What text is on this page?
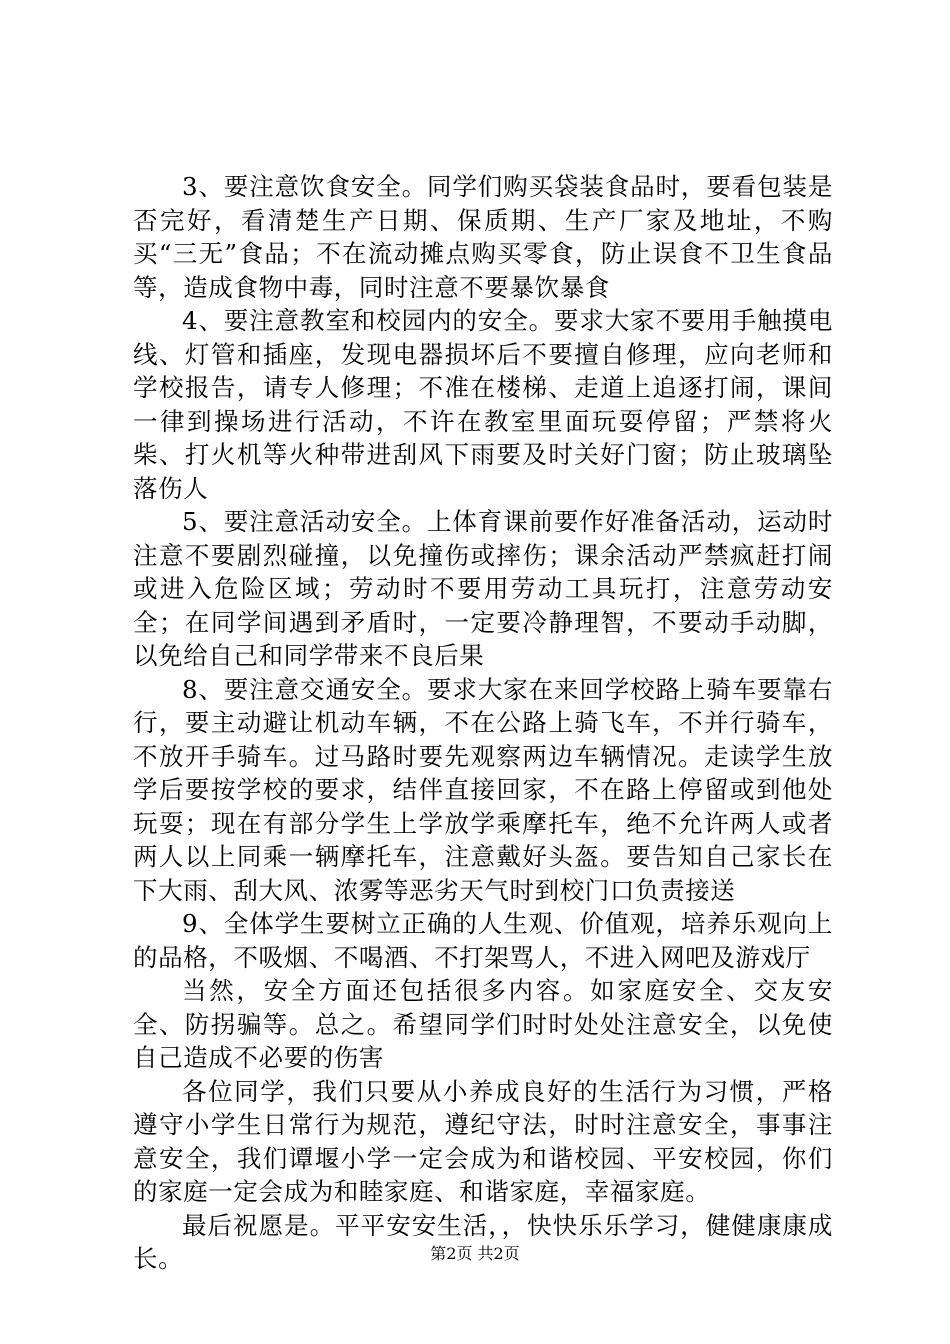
3、要注意饮食安全。同学们购买袋装食品时，要看包装是否完好，看清楚生产日期、保质期、生产厂家及地址，不购买“三无”食品；不在流动摊点购买零食，防止误食不卫生食品等，造成食物中毒，同时注意不要暴饮暴食

4、要注意教室和校园内的安全。要求大家不要用手触摸电线、灯管和插座，发现电器损坏后不要擅自修理，应向老师和学校报告，请专人修理；不准在楼梯、走道上追逐打闹，课间一律到操场进行活动，不许在教室里面玩耍停留；严禁将火柴、打火机等火种带进刮风下雨要及时关好门窗；防止玻璃坠落伤人

5、要注意活动安全。上体育课前要作好准备活动，运动时注意不要剧烈碰撞，以免撞伤或摔伤；课余活动严禁疯赶打闹或进入危险区域；劳动时不要用劳动工具玩打，注意劳动安全；在同学间遇到矛盾时，一定要冷静理智，不要动手动脚，以免给自己和同学带来不良后果

8、要注意交通安全。要求大家在来回学校路上骑车要靠右行，要主动避让机动车辆，不在公路上骑飞车，不并行骑车，不放开手骑车。过马路时要先观察两边车辆情况。走读学生放学后要按学校的要求，结伴直接回家，不在路上停留或到他处玩耍；现在有部分学生上学放学乘摩托车，绝不允许两人或者两人以上同乘一辆摩托车，注意戴好头盔。要告知自己家长在下大雨、刮大风、浓雾等恶劣天气时到校门口负责接送

9、全体学生要树立正确的人生观、价值观，培养乐观向上的品格，不吸烟、不喝酒、不打架骂人，不进入网吧及游戏厅

当然，安全方面还包括很多内容。如家庭安全、交友安全、防拐骗等。总之。希望同学们时时处处注意安全，以免使自己造成不必要的伤害

各位同学，我们只要从小养成良好的生活行为习惯，严格遵守小学生日常行为规范，遵纪守法，时时注意安全，事事注意安全，我们谭堰小学一定会成为和谐校园、平安校园，你们的家庭一定会成为和睦家庭、和谐家庭，幸福家庭。

最后祝愿是。平平安安生活，，快快乐乐学习，健健康康成长。	第2页 共2页
